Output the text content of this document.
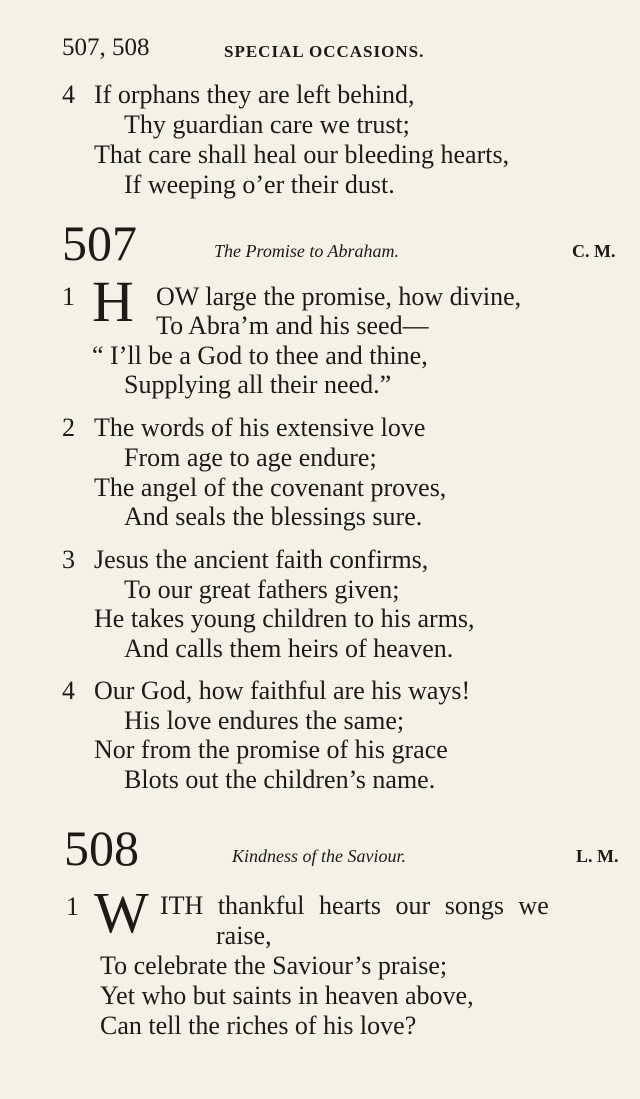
507, 508	SPECIAL OCCASIONS.
4 If orphans they are left behind,
Thy guardian care we trust;
That care shall heal our bleeding hearts,
If weeping o’er their dust.
507	The Promise to Abraham.	C. M.
1 H OW large the promise, how divine,
To Abra’m and his seed—
“ I’ll be a God to thee and thine,
Supplying all their need.”
2 The words of his extensive love
From age to age endure;
The angel of the covenant proves,
And seals the blessings sure.
3 Jesus the ancient faith confirms,
To our great fathers given;
He takes young children to his arms,
And calls them heirs of heaven.
4 Our God, how faithful are his ways!
His love endures the same;
Nor from the promise of his grace
Blots out the children’s name.
508	Kindness of the Saviour.	L. M.
1 W ITH thankful hearts our songs we
raise,
To celebrate the Saviour’s praise;
Yet who but saints in heaven above,
Can tell the riches of his love?
